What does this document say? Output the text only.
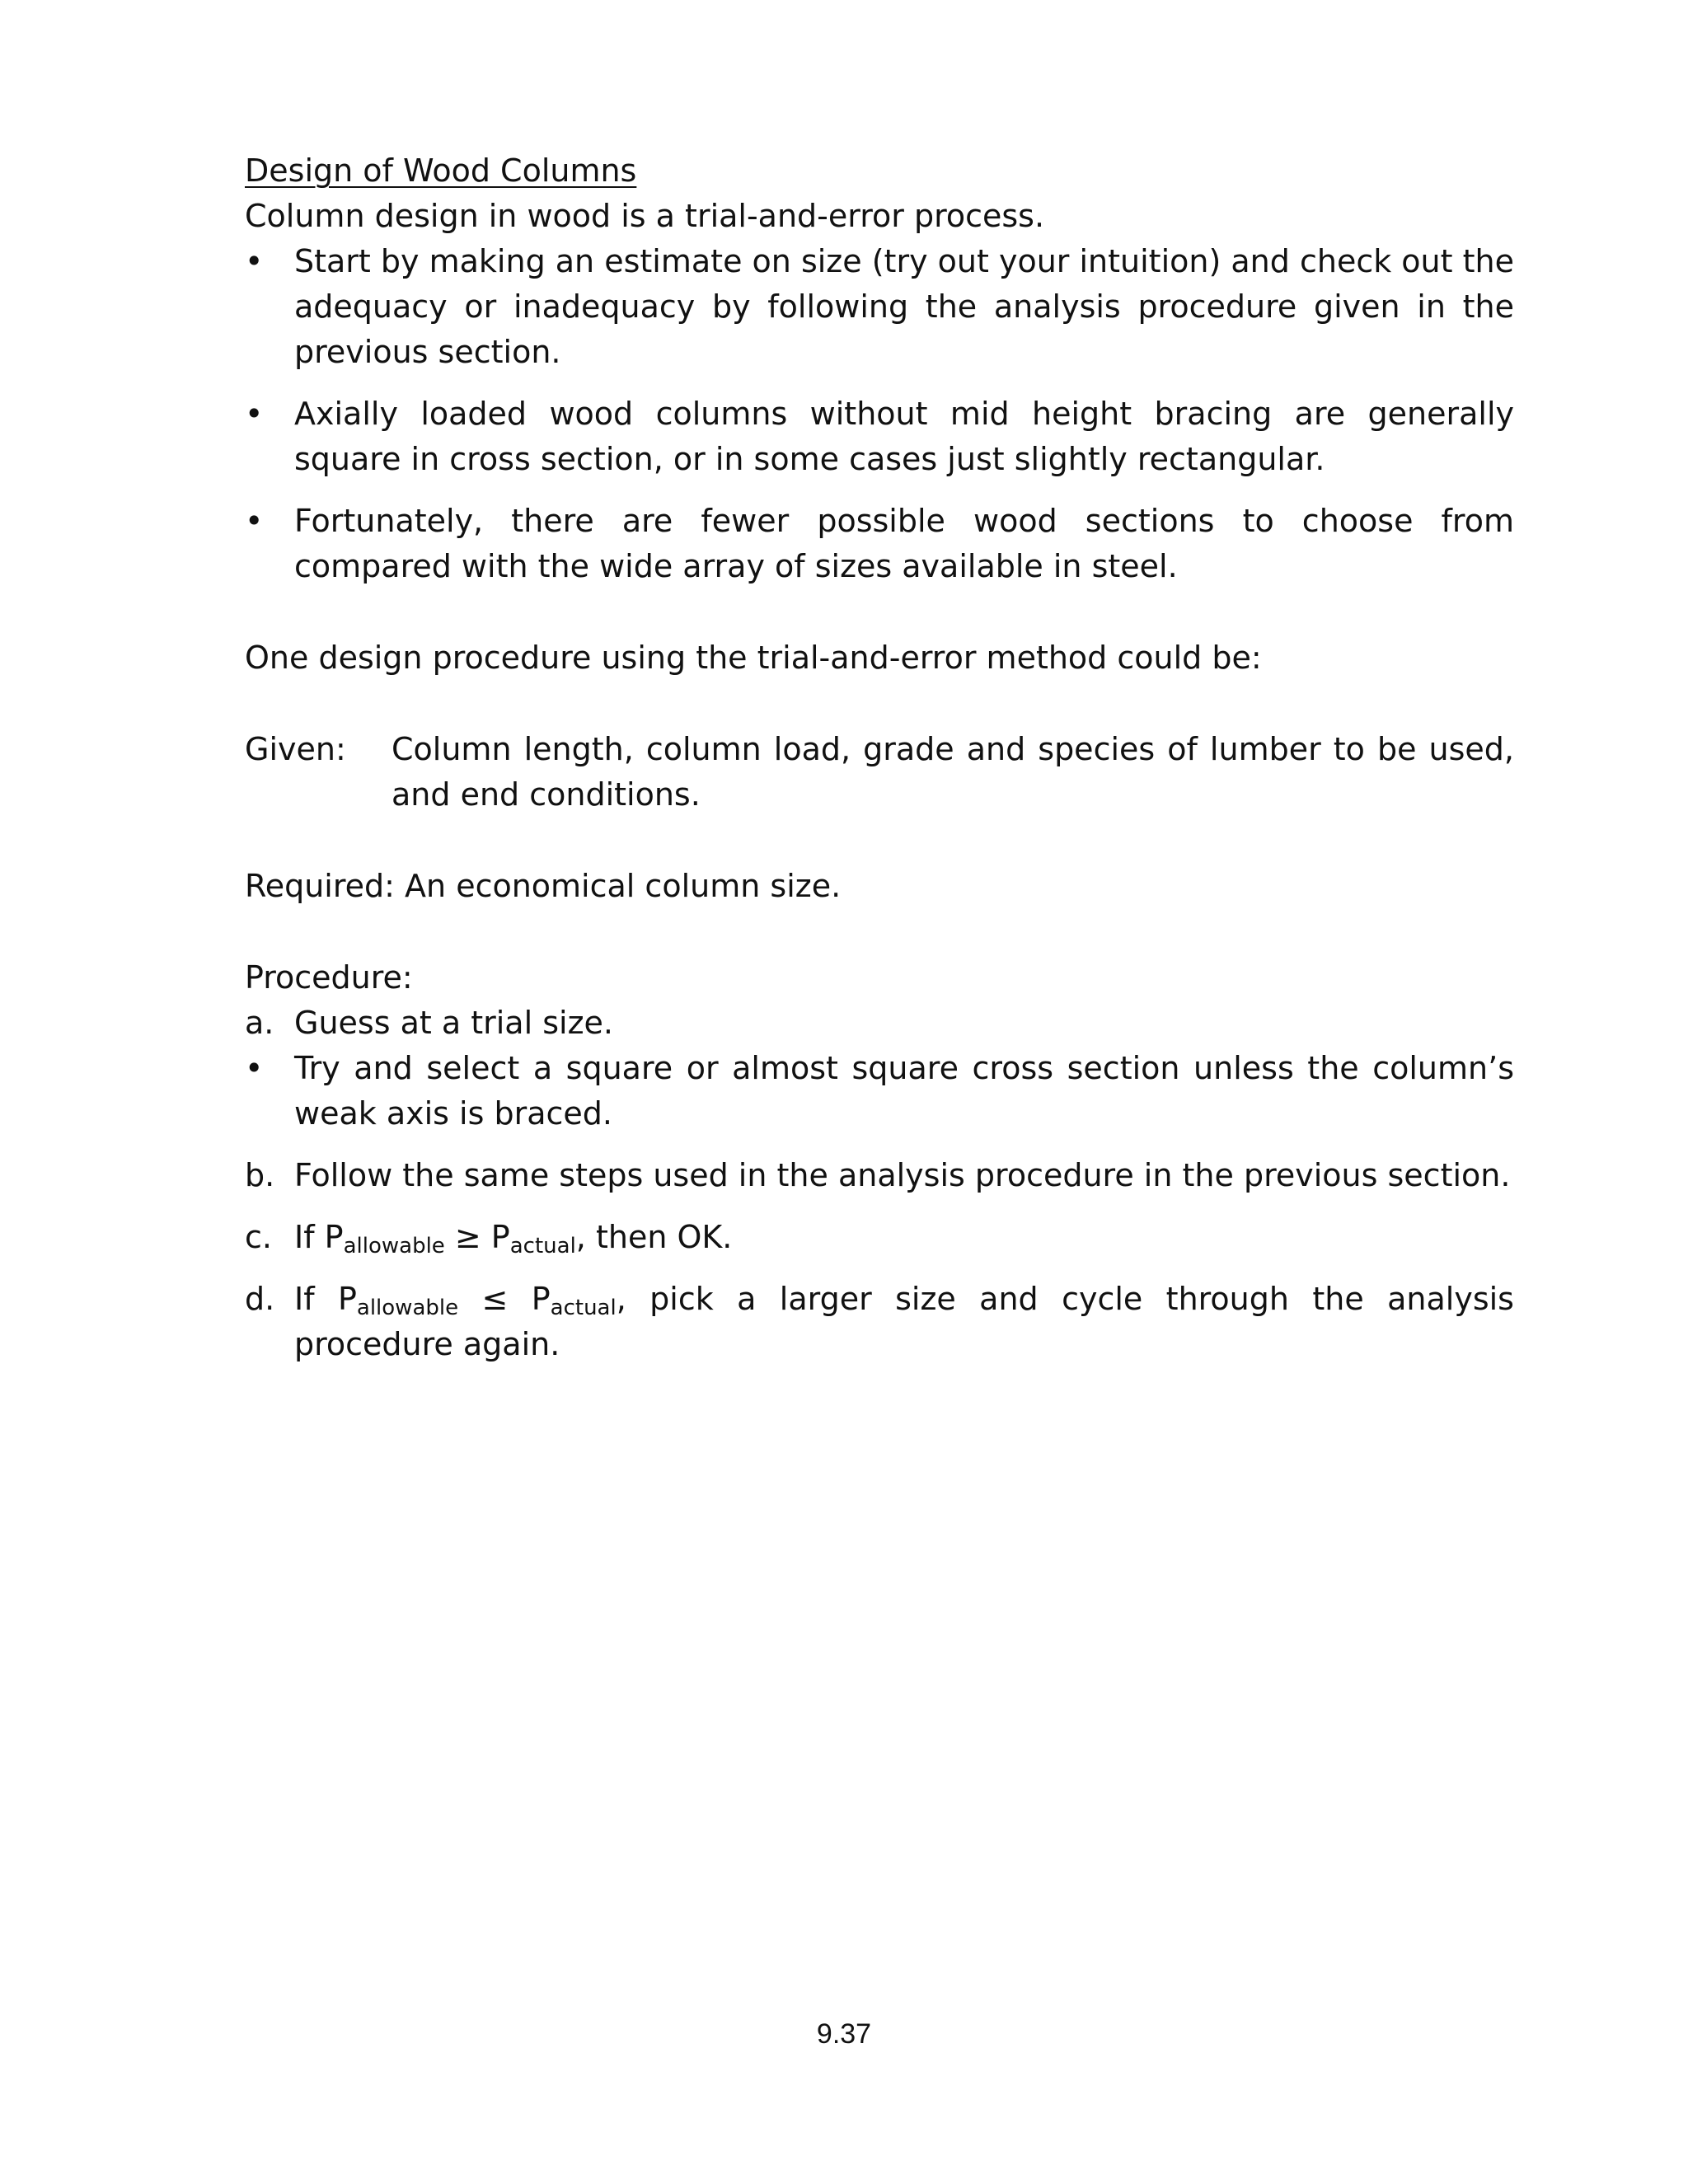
Design of Wood Columns
Column design in wood is a trial-and-error process.
• Start by making an estimate on size (try out your intuition) and check out the adequacy or inadequacy by following the analysis procedure given in the previous section.
• Axially loaded wood columns without mid height bracing are generally square in cross section, or in some cases just slightly rectangular.
• Fortunately, there are fewer possible wood sections to choose from compared with the wide array of sizes available in steel.
One design procedure using the trial-and-error method could be:
Given:	Column length, column load, grade and species of lumber to be used, and end conditions.
Required: An economical column size.
Procedure:
a. Guess at a trial size.
• Try and select a square or almost square cross section unless the column’s weak axis is braced.
b. Follow the same steps used in the analysis procedure in the previous section.
c. If $P_{allowable} \ge P_{actual}$, then OK.
d. If $P_{allowable} \le P_{actual}$, pick a larger size and cycle through the analysis procedure again.
9.37
